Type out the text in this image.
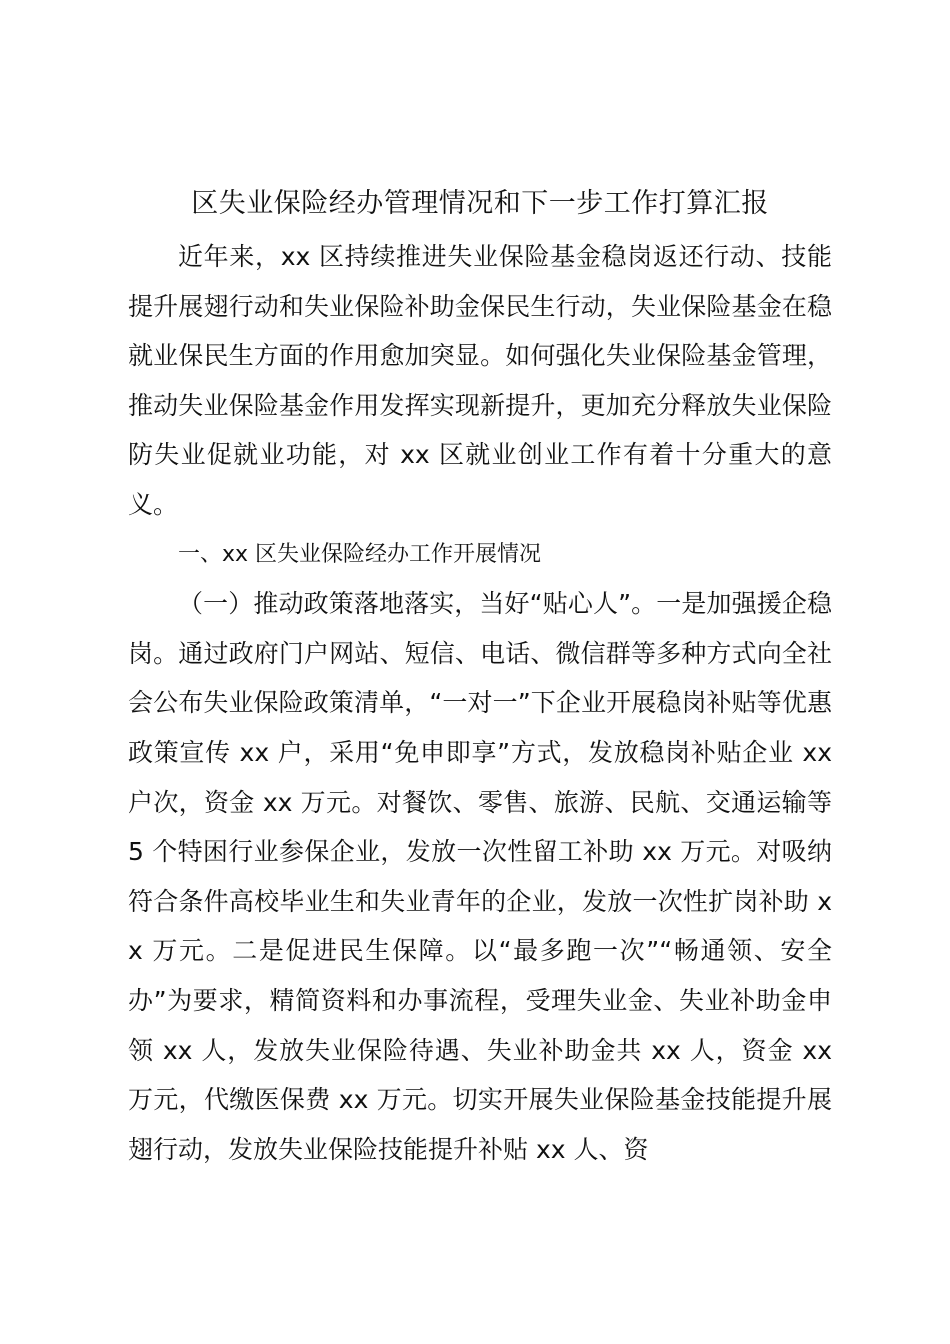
区失业保险经办管理情况和下一步工作打算汇报

近年来，xx 区持续推进失业保险基金稳岗返还行动、技能提升展翅行动和失业保险补助金保民生行动，失业保险基金在稳就业保民生方面的作用愈加突显。如何强化失业保险基金管理，推动失业保险基金作用发挥实现新提升，更加充分释放失业保险防失业促就业功能，对 xx 区就业创业工作有着十分重大的意义。

一、xx 区失业保险经办工作开展情况

（一）推动政策落地落实，当好“贴心人”。一是加强援企稳岗。通过政府门户网站、短信、电话、微信群等多种方式向全社会公布失业保险政策清单，“一对一”下企业开展稳岗补贴等优惠政策宣传 xx 户，采用“免申即享”方式，发放稳岗补贴企业 xx 户次，资金 xx 万元。对餐饮、零售、旅游、民航、交通运输等 5 个特困行业参保企业，发放一次性留工补助 xx 万元。对吸纳符合条件高校毕业生和失业青年的企业，发放一次性扩岗补助 xx 万元。二是促进民生保障。以“最多跑一次”“畅通领、安全办”为要求，精简资料和办事流程，受理失业金、失业补助金申领 xx 人，发放失业保险待遇、失业补助金共 xx 人，资金 xx 万元，代缴医保费 xx 万元。切实开展失业保险基金技能提升展翅行动，发放失业保险技能提升补贴 xx 人、资
